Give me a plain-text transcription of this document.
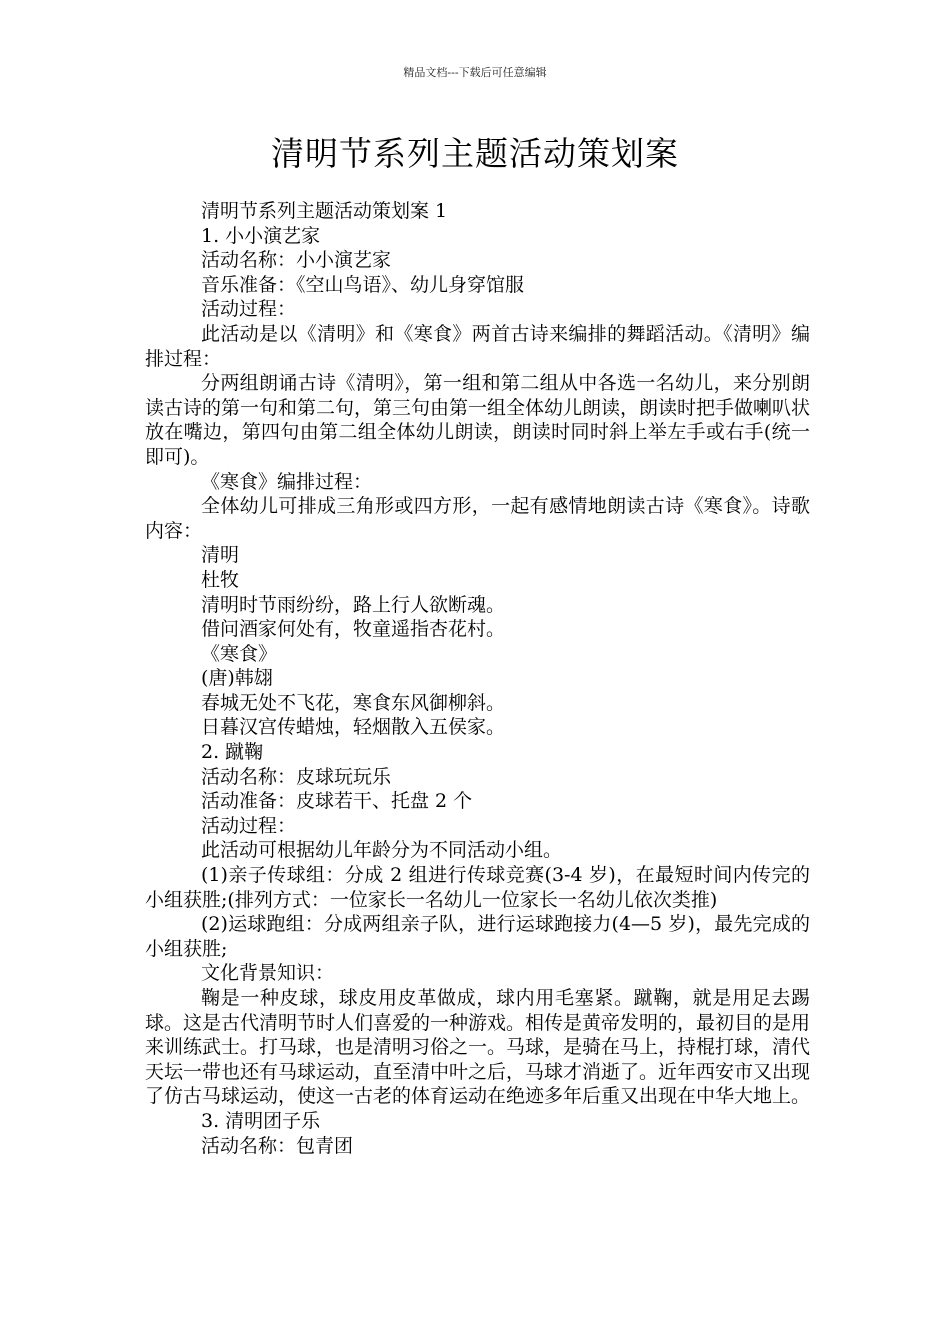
精品文档---下载后可任意编辑
清明节系列主题活动策划案
清明节系列主题活动策划案 1
1. 小小演艺家
活动名称：小小演艺家
音乐准备：《空山鸟语》、幼儿身穿馆服
活动过程：
此活动是以《清明》和《寒食》两首古诗来编排的舞蹈活动。《清明》编排过程：
分两组朗诵古诗《清明》，第一组和第二组从中各选一名幼儿，来分别朗读古诗的第一句和第二句，第三句由第一组全体幼儿朗读，朗读时把手做喇叭状放在嘴边，第四句由第二组全体幼儿朗读，朗读时同时斜上举左手或右手(统一即可)。
《寒食》编排过程：
全体幼儿可排成三角形或四方形，一起有感情地朗读古诗《寒食》。诗歌内容：
清明
杜牧
清明时节雨纷纷，路上行人欲断魂。
借问酒家何处有，牧童遥指杏花村。
《寒食》
(唐)韩翃
春城无处不飞花，寒食东风御柳斜。
日暮汉宫传蜡烛，轻烟散入五侯家。
2. 蹴鞠
活动名称：皮球玩玩乐
活动准备：皮球若干、托盘 2 个
活动过程：
此活动可根据幼儿年龄分为不同活动小组。
(1)亲子传球组：分成 2 组进行传球竞赛(3-4 岁)，在最短时间内传完的小组获胜;(排列方式：一位家长一名幼儿一位家长一名幼儿依次类推)
(2)运球跑组：分成两组亲子队，进行运球跑接力(4—5 岁)，最先完成的小组获胜;
文化背景知识：
鞠是一种皮球，球皮用皮革做成，球内用毛塞紧。蹴鞠，就是用足去踢球。这是古代清明节时人们喜爱的一种游戏。相传是黄帝发明的，最初目的是用来训练武士。打马球，也是清明习俗之一。马球，是骑在马上，持棍打球，清代天坛一带也还有马球运动，直至清中叶之后，马球才消逝了。近年西安市又出现了仿古马球运动，使这一古老的体育运动在绝迹多年后重又出现在中华大地上。
3. 清明团子乐
活动名称：包青团
